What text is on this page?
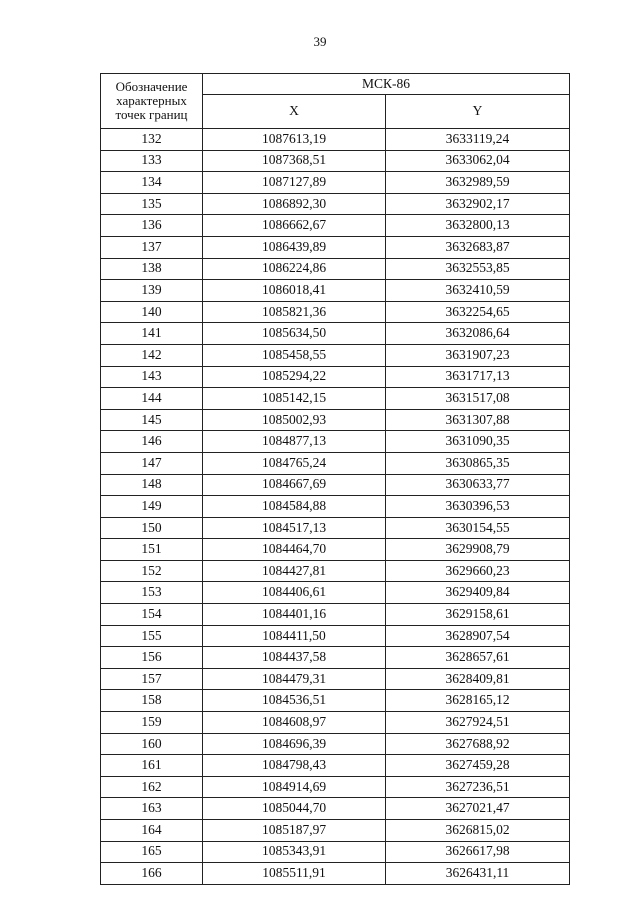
39
Обозначение характерных точек границ	МСК-86	
	X	Y
132	1087613,19	3633119,24
133	1087368,51	3633062,04
134	1087127,89	3632989,59
135	1086892,30	3632902,17
136	1086662,67	3632800,13
137	1086439,89	3632683,87
138	1086224,86	3632553,85
139	1086018,41	3632410,59
140	1085821,36	3632254,65
141	1085634,50	3632086,64
142	1085458,55	3631907,23
143	1085294,22	3631717,13
144	1085142,15	3631517,08
145	1085002,93	3631307,88
146	1084877,13	3631090,35
147	1084765,24	3630865,35
148	1084667,69	3630633,77
149	1084584,88	3630396,53
150	1084517,13	3630154,55
151	1084464,70	3629908,79
152	1084427,81	3629660,23
153	1084406,61	3629409,84
154	1084401,16	3629158,61
155	1084411,50	3628907,54
156	1084437,58	3628657,61
157	1084479,31	3628409,81
158	1084536,51	3628165,12
159	1084608,97	3627924,51
160	1084696,39	3627688,92
161	1084798,43	3627459,28
162	1084914,69	3627236,51
163	1085044,70	3627021,47
164	1085187,97	3626815,02
165	1085343,91	3626617,98
166	1085511,91	3626431,11
